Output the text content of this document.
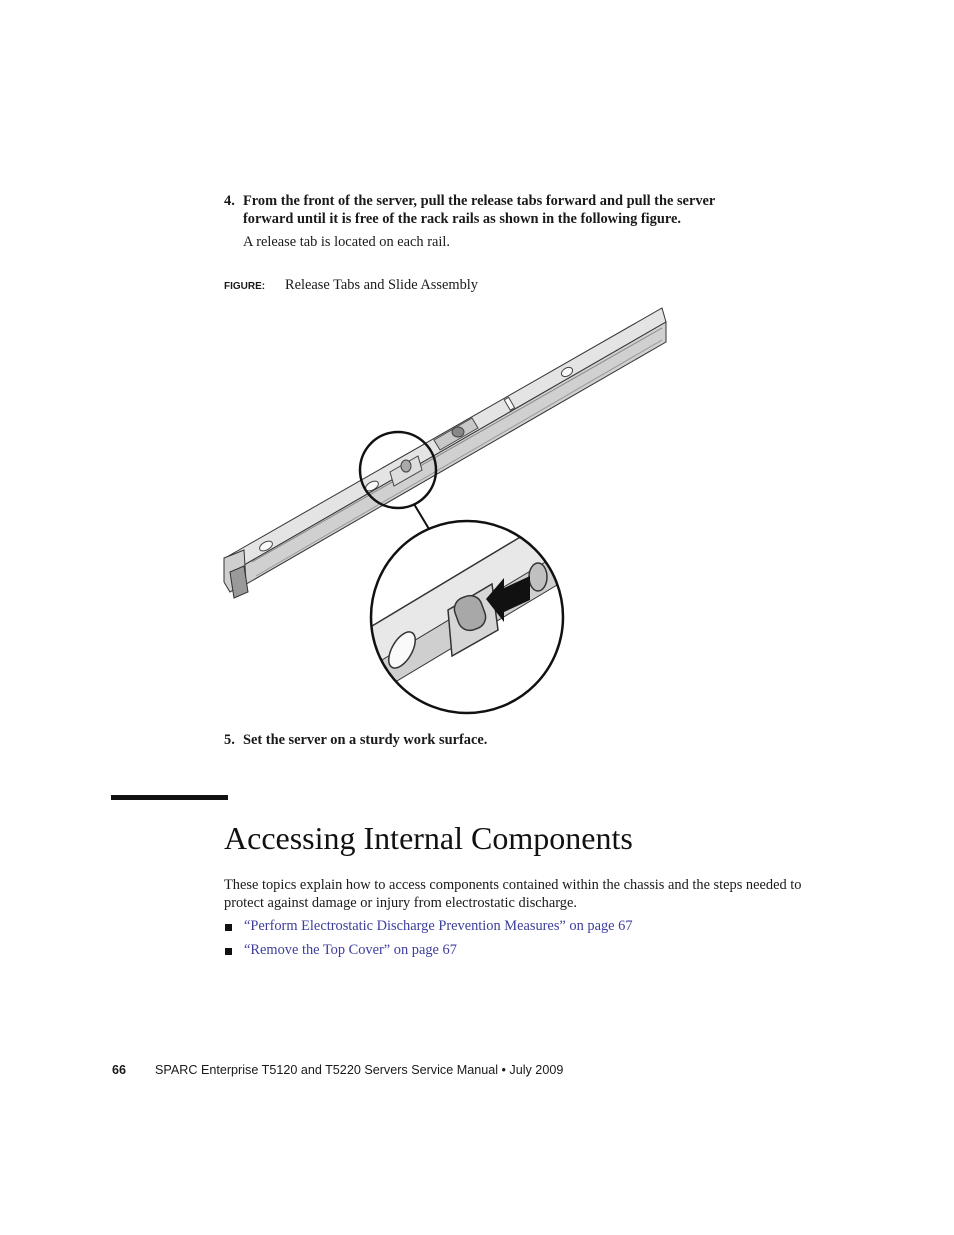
4. From the front of the server, pull the release tabs forward and pull the server
forward until it is free of the rack rails as shown in the following figure.
A release tab is located on each rail.
FIGURE: Release Tabs and Slide Assembly
5. Set the server on a sturdy work surface.
Accessing Internal Components
These topics explain how to access components contained within the chassis and the steps needed to protect against damage or injury from electrostatic discharge.
“Perform Electrostatic Discharge Prevention Measures” on page 67
“Remove the Top Cover” on page 67
66 SPARC Enterprise T5120 and T5220 Servers Service Manual • July 2009
